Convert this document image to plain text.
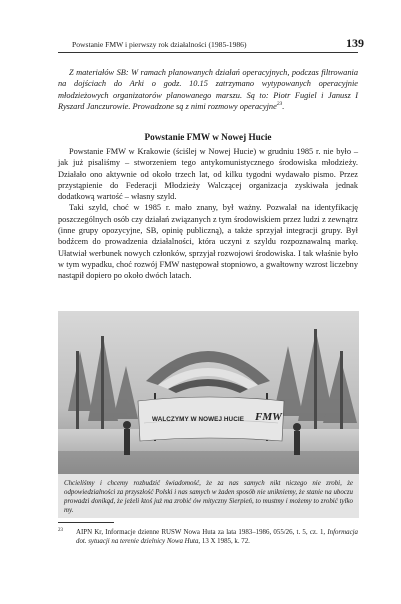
Powstanie FMW i pierwszy rok działalności (1985-1986)	139

Z materiałów SB: W ramach planowanych działań operacyjnych, podczas filtrowania na dojściach do Arki o godz. 10.15 zatrzymano wytypowanych operacyjnie młodzieżowych organizatorów planowanego marszu. Są to: Piotr Fugiel i Janusz I Ryszard Janczurowie. Prowadzone są z nimi rozmowy operacyjne$^{23}$.

Powstanie FMW w Nowej Hucie

Powstanie FMW w Krakowie (ściślej w Nowej Hucie) w grudniu 1985 r. nie było – jak już pisaliśmy – stworzeniem tego antykomunistycznego środowiska młodzieży. Działało ono aktywnie od około trzech lat, od kilku tygodni wydawało pismo. Przez przystąpienie do Federacji Młodzieży Walczącej organizacja zyskiwała jednak dodatkową wartość – własny szyld.

Taki szyld, choć w 1985 r. mało znany, był ważny. Pozwalał na identyfikację poszczególnych osób czy działań związanych z tym środowiskiem przez ludzi z zewnątrz (inne grupy opozycyjne, SB, opinię publiczną), a także sprzyjał integracji grupy. Był bodźcem do prowadzenia działalności, która uczyni z szyldu rozpoznawalną markę. Ułatwiał werbunek nowych członków, sprzyjał rozwojowi środowiska. I tak właśnie było w tym wypadku, choć rozwój FMW następował stopniowo, a gwałtowny wzrost liczebny nastąpił dopiero po około dwóch latach.

WALCZYMY W NOWEJ HUCIE	FMW
Chcieliśmy i chcemy rozbudzić świadomość, że za nas samych nikt niczego nie zrobi, że odpowiedzialności za przyszłość Polski i nas samych w żaden sposób nie unikniemy, że stanie na uboczu prowadzi donikąd, że jeżeli ktoś już ma zrobić ów mityczny Sierpień, to mustmy i możemy to zrobić tylko my.
23 AIPN Kr, Informacje dzienne RUSW Nowa Huta za lata 1983–1986, 055/26, t. 5, cz. 1, Informacja dot. sytuacji na terenie dzielnicy Nowa Huta, 13 X 1985, k. 72.
